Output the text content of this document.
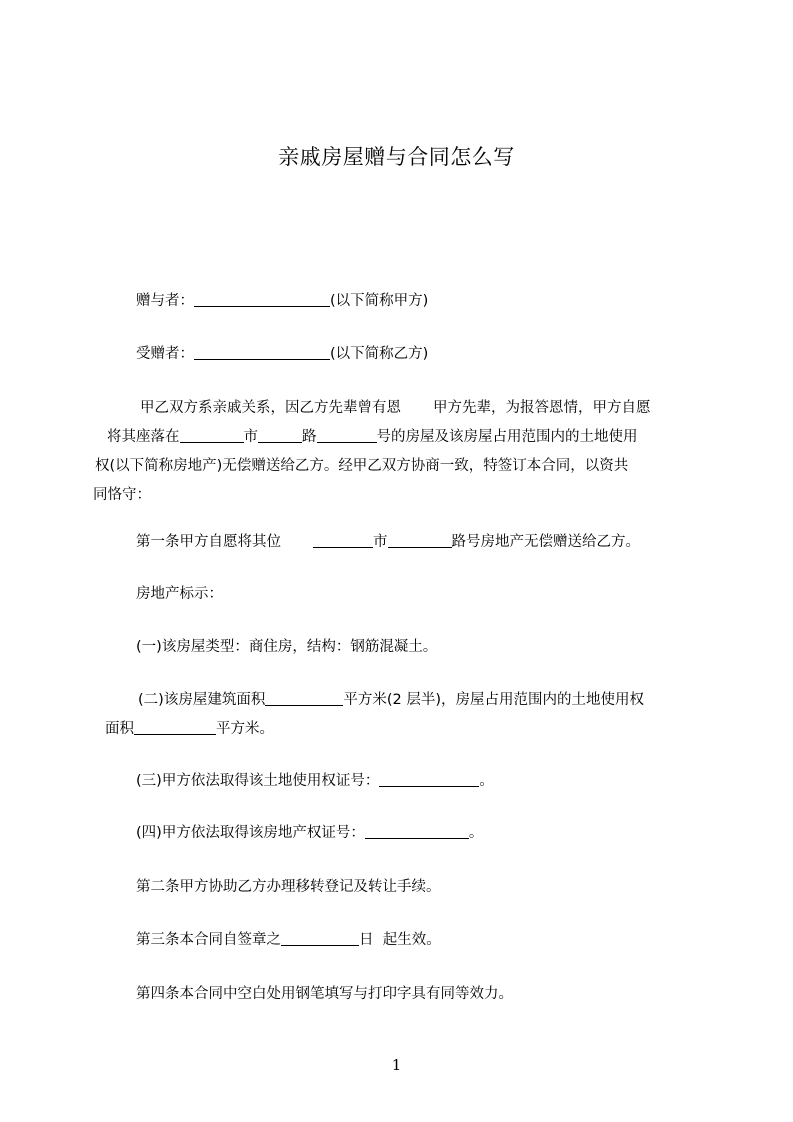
亲戚房屋赠与合同怎么写
赠与者：	(以下简称甲方)
受赠者：	(以下简称乙方)
甲乙双方系亲戚关系，因乙方先辈曾有恩 甲方先辈，为报答恩情，甲方自愿
将其座落在	市	路	号的房屋及该房屋占用范围内的土地使用
权(以下简称房地产)无偿赠送给乙方。经甲乙双方协商一致，特签订本合同，以资共
同恪守：
第一条甲方自愿将其位	市	路号房地产无偿赠送给乙方。
房地产标示：
(一)该房屋类型：商住房，结构：钢筋混凝土。
(二)该房屋建筑面积	平方米(2 层半)，房屋占用范围内的土地使用权
面积	平方米。
(三)甲方依法取得该土地使用权证号：	。
(四)甲方依法取得该房地产权证号：	。
第二条甲方协助乙方办理移转登记及转让手续。
第三条本合同自签章之	日  起生效。
第四条本合同中空白处用钢笔填写与打印字具有同等效力。
1
